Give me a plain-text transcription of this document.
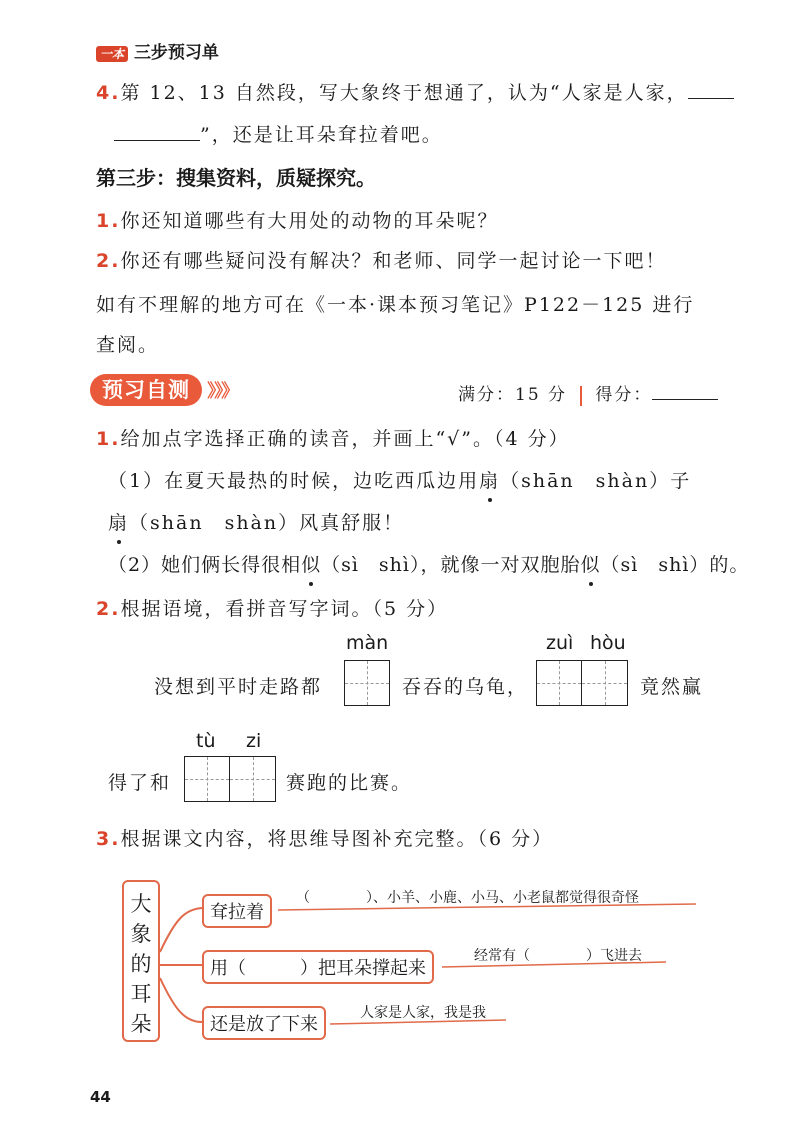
一本 三步预习单
4.第 12、13 自然段，写大象终于想通了，认为“人家是人家，
”，还是让耳朵耷拉着吧。
第三步：搜集资料，质疑探究。
1.你还知道哪些有大用处的动物的耳朵呢？
2.你还有哪些疑问没有解决？和老师、同学一起讨论一下吧！
如有不理解的地方可在《一本·课本预习笔记》P122－125 进行
查阅。
预习自测 》》》	满分：15 分 得分：
1.给加点字选择正确的读音，并画上“√”。（4 分）
（1）在夏天最热的时候，边吃西瓜边用扇（shān　shàn）子
扇（shān　shàn）风真舒服！
（2）她们俩长得很相似（sì　shì），就像一对双胞胎似（sì　shì）的。
2.根据语境，看拼音写字词。（5 分）
màn	zuì hòu
没想到平时走路都	吞吞的乌龟，	竟然赢
tù zi
得了和	赛跑的比赛。
3.根据课文内容，将思维导图补充完整。（6 分）
大
象
的
耳
朵
耷拉着
（　　　　）、小羊、小鹿、小马、小老鼠都觉得很奇怪
用（　　　）把耳朵撑起来
经常有（　　　　）飞进去
还是放了下来
人家是人家，我是我
44
